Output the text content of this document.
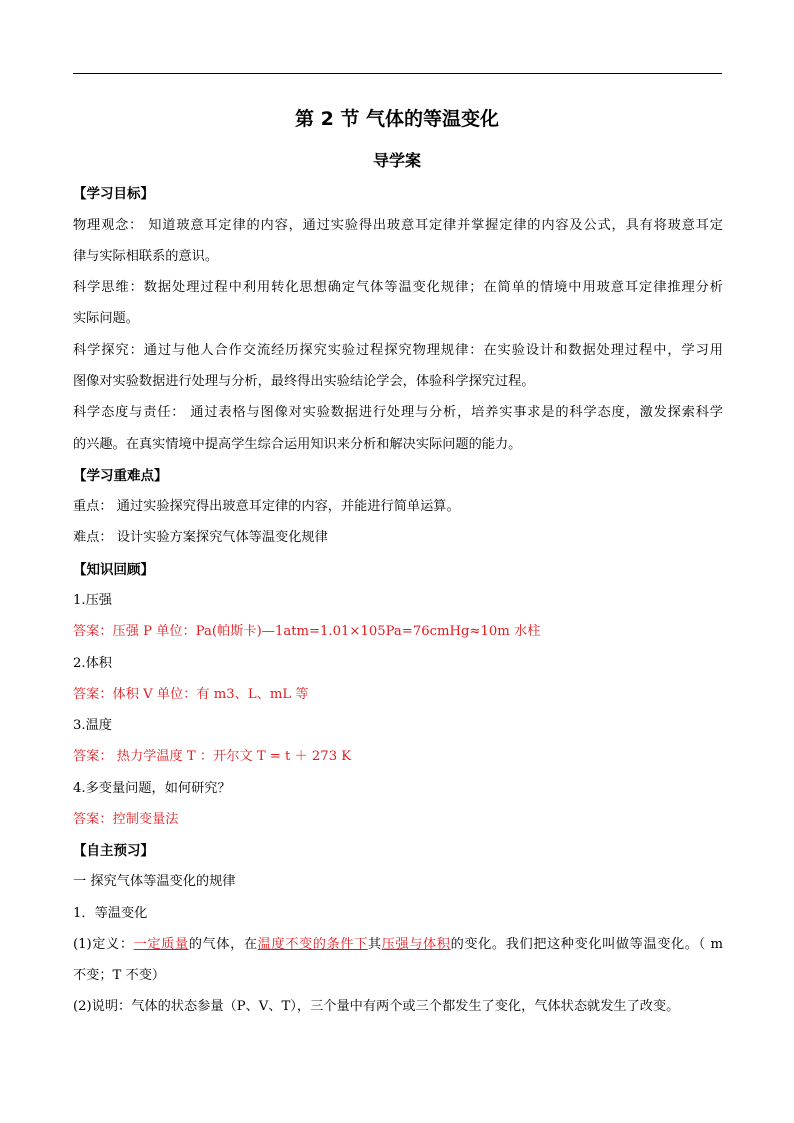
第 2 节 气体的等温变化
导学案
【学习目标】
物理观念： 知道玻意耳定律的内容，通过实验得出玻意耳定律并掌握定律的内容及公式，具有将玻意耳定
律与实际相联系的意识。
科学思维：数据处理过程中利用转化思想确定气体等温变化规律；在简单的情境中用玻意耳定律推理分析
实际问题。
科学探究：通过与他人合作交流经历探究实验过程探究物理规律：在实验设计和数据处理过程中，学习用
图像对实验数据进行处理与分析，最终得出实验结论学会，体验科学探究过程。
科学态度与责任： 通过表格与图像对实验数据进行处理与分析，培养实事求是的科学态度，激发探索科学
的兴趣。在真实情境中提高学生综合运用知识来分析和解决实际问题的能力。
【学习重难点】
重点： 通过实验探究得出玻意耳定律的内容，并能进行简单运算。
难点： 设计实验方案探究气体等温变化规律
【知识回顾】
1.压强
答案：压强 P 单位：Pa(帕斯卡)—1atm=1.01×105Pa=76cmHg≈10m 水柱
2.体积
答案：体积 V 单位：有 m3、L、mL 等
3.温度
答案： 热力学温度 T ：开尔文 T = t ＋ 273 K
4.多变量问题，如何研究？
答案：控制变量法
【自主预习】
一 探究气体等温变化的规律
1．等温变化
(1)定义：一定质量的气体，在温度不变的条件下其压强与体积的变化。我们把这种变化叫做等温变化。（ m
不变；T 不变）
(2)说明：气体的状态参量（P、V、T），三个量中有两个或三个都发生了变化，气体状态就发生了改变。
